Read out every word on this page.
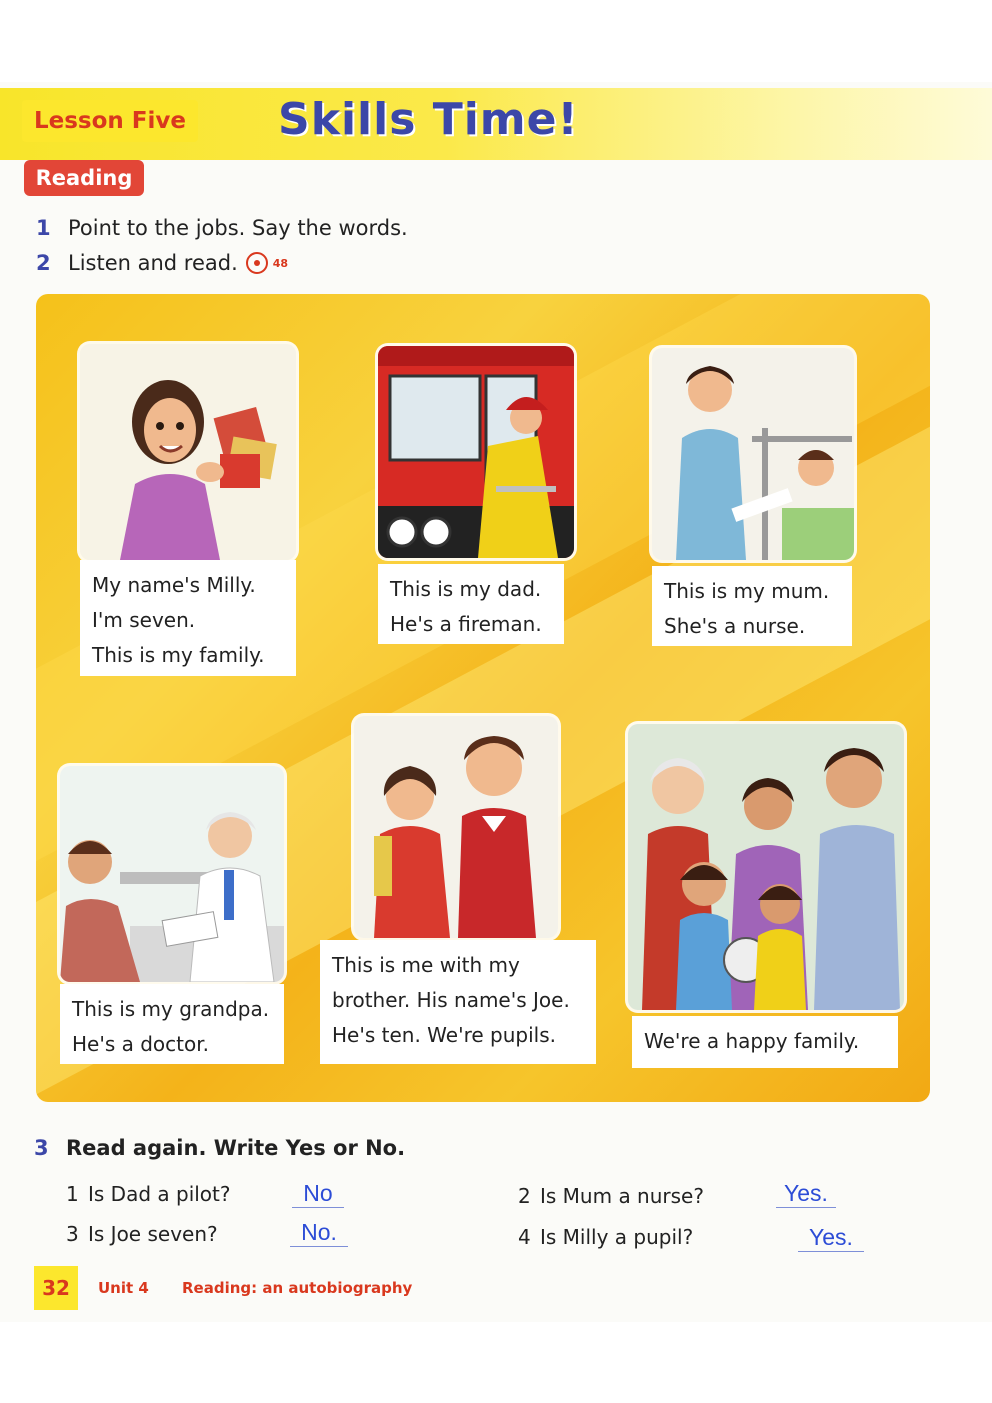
Lesson Five Skills Time!
Reading
1 Point to the jobs. Say the words.
2 Listen and read.	48
My name's Milly.
I'm seven.
This is my family.
This is my dad.
He's a fireman.
This is my mum.
She's a nurse.
This is my grandpa.
He's a doctor.
This is me with my
brother. His name's Joe.
He's ten. We're pupils.	We're a happy family.
3 Read again. Write Yes or No.
1 Is Dad a pilot?	No	2 Is Mum a nurse?	Yes.
3 Is Joe seven?	No.	4 Is Milly a pupil?	Yes.
32	Unit 4 Reading: an autobiography
